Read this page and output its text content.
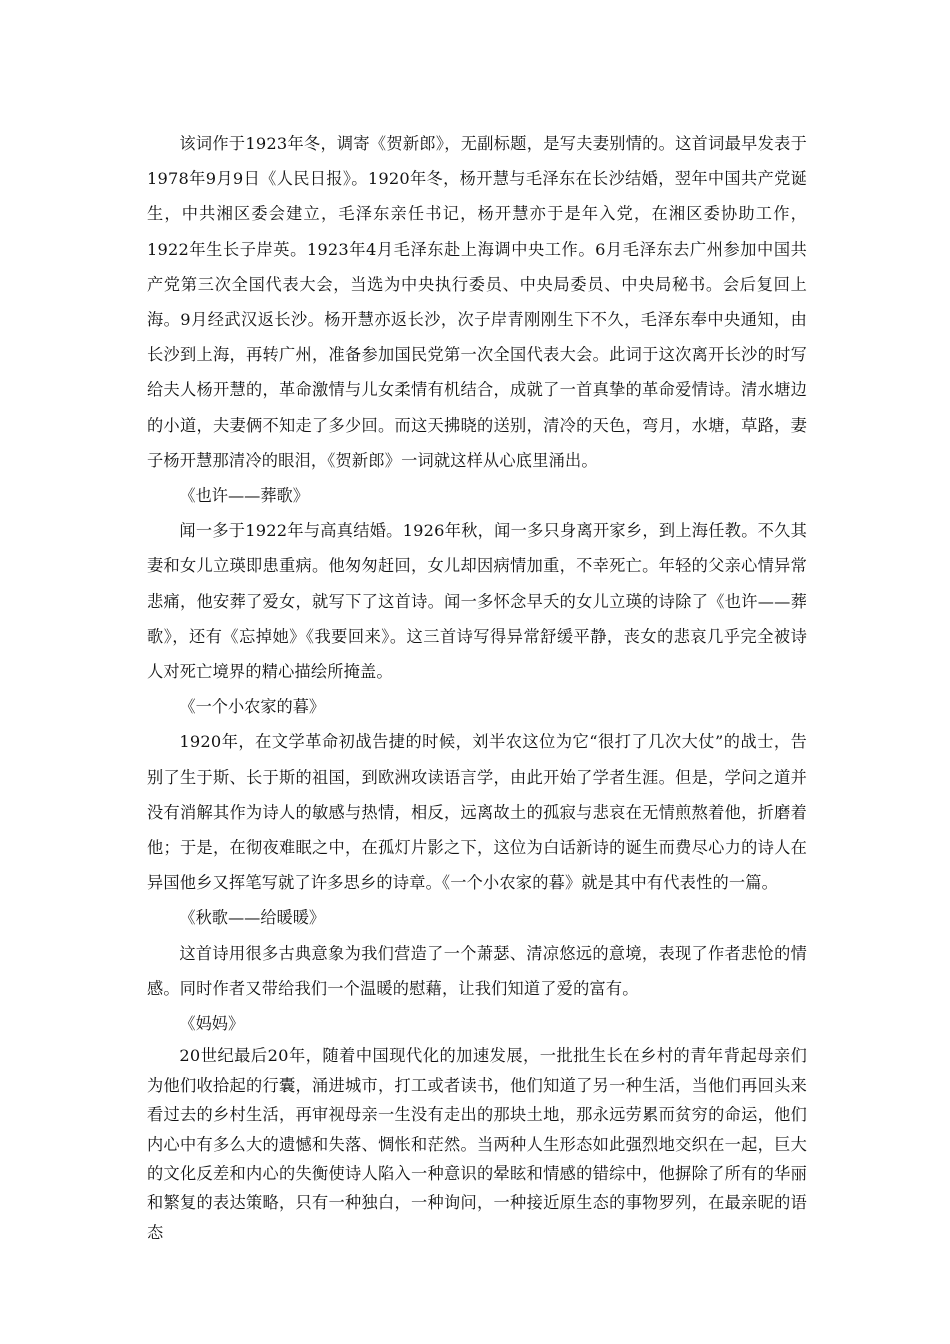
该词作于1923年冬，调寄《贺新郎》，无副标题，是写夫妻别情的。这首词最早发表于1978年9月9日《人民日报》。1920年冬，杨开慧与毛泽东在长沙结婚，翌年中国共产党诞生，中共湘区委会建立，毛泽东亲任书记，杨开慧亦于是年入党，在湘区委协助工作，1922年生长子岸英。1923年4月毛泽东赴上海调中央工作。6月毛泽东去广州参加中国共产党第三次全国代表大会，当选为中央执行委员、中央局委员、中央局秘书。会后复回上海。9月经武汉返长沙。杨开慧亦返长沙，次子岸青刚刚生下不久，毛泽东奉中央通知，由长沙到上海，再转广州，准备参加国民党第一次全国代表大会。此词于这次离开长沙的时写给夫人杨开慧的，革命激情与儿女柔情有机结合，成就了一首真挚的革命爱情诗。清水塘边的小道，夫妻俩不知走了多少回。而这天拂晓的送别，清冷的天色，弯月，水塘，草路，妻子杨开慧那清冷的眼泪，《贺新郎》一词就这样从心底里涌出。

《也许——葬歌》

闻一多于1922年与高真结婚。1926年秋，闻一多只身离开家乡，到上海任教。不久其妻和女儿立瑛即患重病。他匆匆赶回，女儿却因病情加重，不幸死亡。年轻的父亲心情异常悲痛，他安葬了爱女，就写下了这首诗。闻一多怀念早夭的女儿立瑛的诗除了《也许——葬歌》，还有《忘掉她》《我要回来》。这三首诗写得异常舒缓平静，丧女的悲哀几乎完全被诗人对死亡境界的精心描绘所掩盖。

《一个小农家的暮》

1920年，在文学革命初战告捷的时候，刘半农这位为它“很打了几次大仗”的战士，告别了生于斯、长于斯的祖国，到欧洲攻读语言学，由此开始了学者生涯。但是，学问之道并没有消解其作为诗人的敏感与热情，相反，远离故土的孤寂与悲哀在无情煎熬着他，折磨着他；于是，在彻夜难眠之中，在孤灯片影之下，这位为白话新诗的诞生而费尽心力的诗人在异国他乡又挥笔写就了许多思乡的诗章。《一个小农家的暮》就是其中有代表性的一篇。

《秋歌——给暖暖》

这首诗用很多古典意象为我们营造了一个萧瑟、清凉悠远的意境，表现了作者悲怆的情感。同时作者又带给我们一个温暖的慰藉，让我们知道了爱的富有。

《妈妈》

20世纪最后20年，随着中国现代化的加速发展，一批批生长在乡村的青年背起母亲们为他们收拾起的行囊，涌进城市，打工或者读书，他们知道了另一种生活，当他们再回头来看过去的乡村生活，再审视母亲一生没有走出的那块土地，那永远劳累而贫穷的命运，他们内心中有多么大的遗憾和失落、惆怅和茫然。当两种人生形态如此强烈地交织在一起，巨大的文化反差和内心的失衡使诗人陷入一种意识的晕眩和情感的错综中，他摒除了所有的华丽和繁复的表达策略，只有一种独白，一种询问，一种接近原生态的事物罗列，在最亲昵的语态
